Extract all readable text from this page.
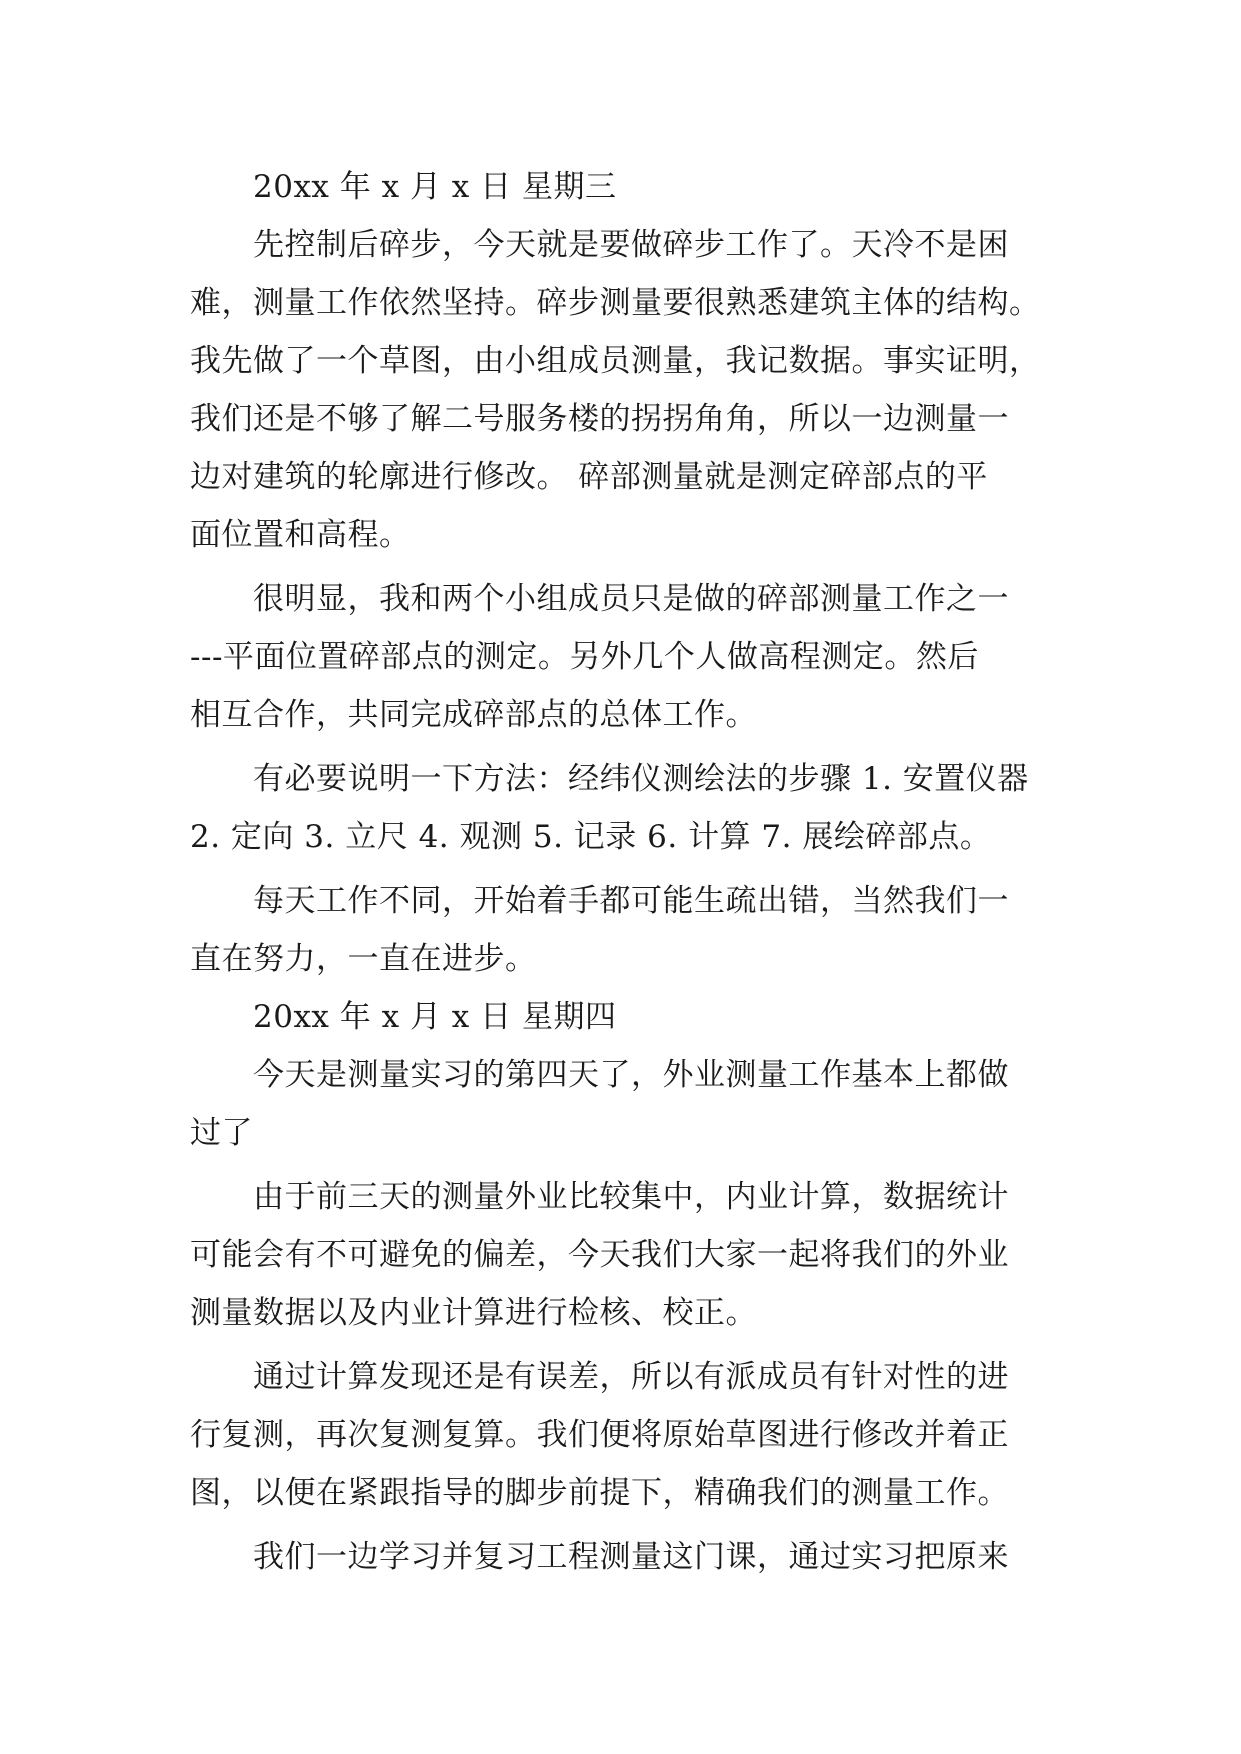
20xx 年 x 月 x 日 星期三
先控制后碎步，今天就是要做碎步工作了。天冷不是困
难，测量工作依然坚持。碎步测量要很熟悉建筑主体的结构。
我先做了一个草图，由小组成员测量，我记数据。事实证明，
我们还是不够了解二号服务楼的拐拐角角，所以一边测量一
边对建筑的轮廓进行修改。 碎部测量就是测定碎部点的平
面位置和高程。
很明显，我和两个小组成员只是做的碎部测量工作之一
---平面位置碎部点的测定。另外几个人做高程测定。然后
相互合作，共同完成碎部点的总体工作。
有必要说明一下方法：经纬仪测绘法的步骤 1. 安置仪器
2. 定向 3. 立尺 4. 观测 5. 记录 6. 计算 7. 展绘碎部点。
每天工作不同，开始着手都可能生疏出错，当然我们一
直在努力，一直在进步。
20xx 年 x 月 x 日 星期四
今天是测量实习的第四天了，外业测量工作基本上都做
过了
由于前三天的测量外业比较集中，内业计算，数据统计
可能会有不可避免的偏差，今天我们大家一起将我们的外业
测量数据以及内业计算进行检核、校正。
通过计算发现还是有误差，所以有派成员有针对性的进
行复测，再次复测复算。我们便将原始草图进行修改并着正
图，以便在紧跟指导的脚步前提下，精确我们的测量工作。
我们一边学习并复习工程测量这门课，通过实习把原来
